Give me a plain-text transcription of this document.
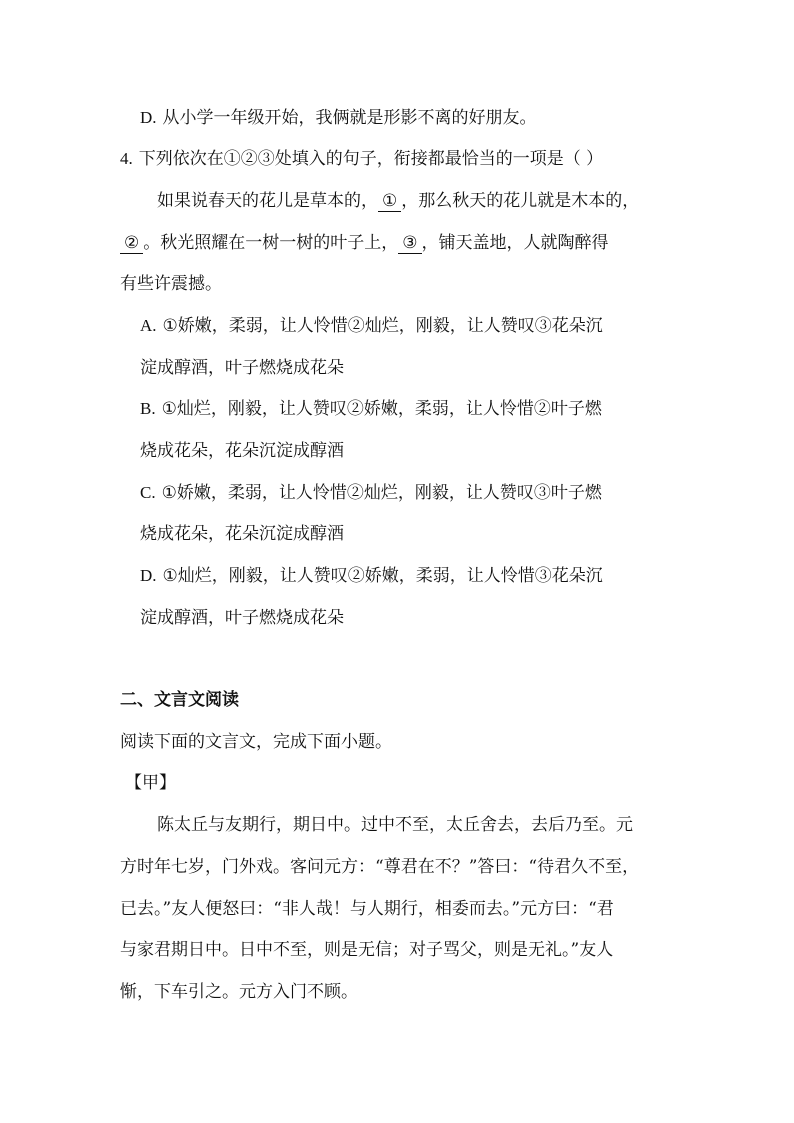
D. 从小学一年级开始，我俩就是形影不离的好朋友。
4. 下列依次在①②③处填入的句子，衔接都最恰当的一项是（ ）
如果说春天的花儿是草本的， ① ，那么秋天的花儿就是木本的，
② 。秋光照耀在一树一树的叶子上， ③ ，铺天盖地，人就陶醉得
有些许震撼。
A. ①娇嫩，柔弱，让人怜惜②灿烂，刚毅，让人赞叹③花朵沉
淀成醇酒，叶子燃烧成花朵
B. ①灿烂，刚毅，让人赞叹②娇嫩，柔弱，让人怜惜②叶子燃
烧成花朵，花朵沉淀成醇酒
C. ①娇嫩，柔弱，让人怜惜②灿烂，刚毅，让人赞叹③叶子燃
烧成花朵，花朵沉淀成醇酒
D. ①灿烂，刚毅，让人赞叹②娇嫩，柔弱，让人怜惜③花朵沉
淀成醇酒，叶子燃烧成花朵
二、文言文阅读
阅读下面的文言文，完成下面小题。
【甲】
陈太丘与友期行，期日中。过中不至，太丘舍去，去后乃至。元
方时年七岁，门外戏。客问元方：“尊君在不？”答曰：“待君久不至，
已去。”友人便怒曰：“非人哉！与人期行，相委而去。”元方曰：“君
与家君期日中。日中不至，则是无信；对子骂父，则是无礼。”友人
惭，下车引之。元方入门不顾。
